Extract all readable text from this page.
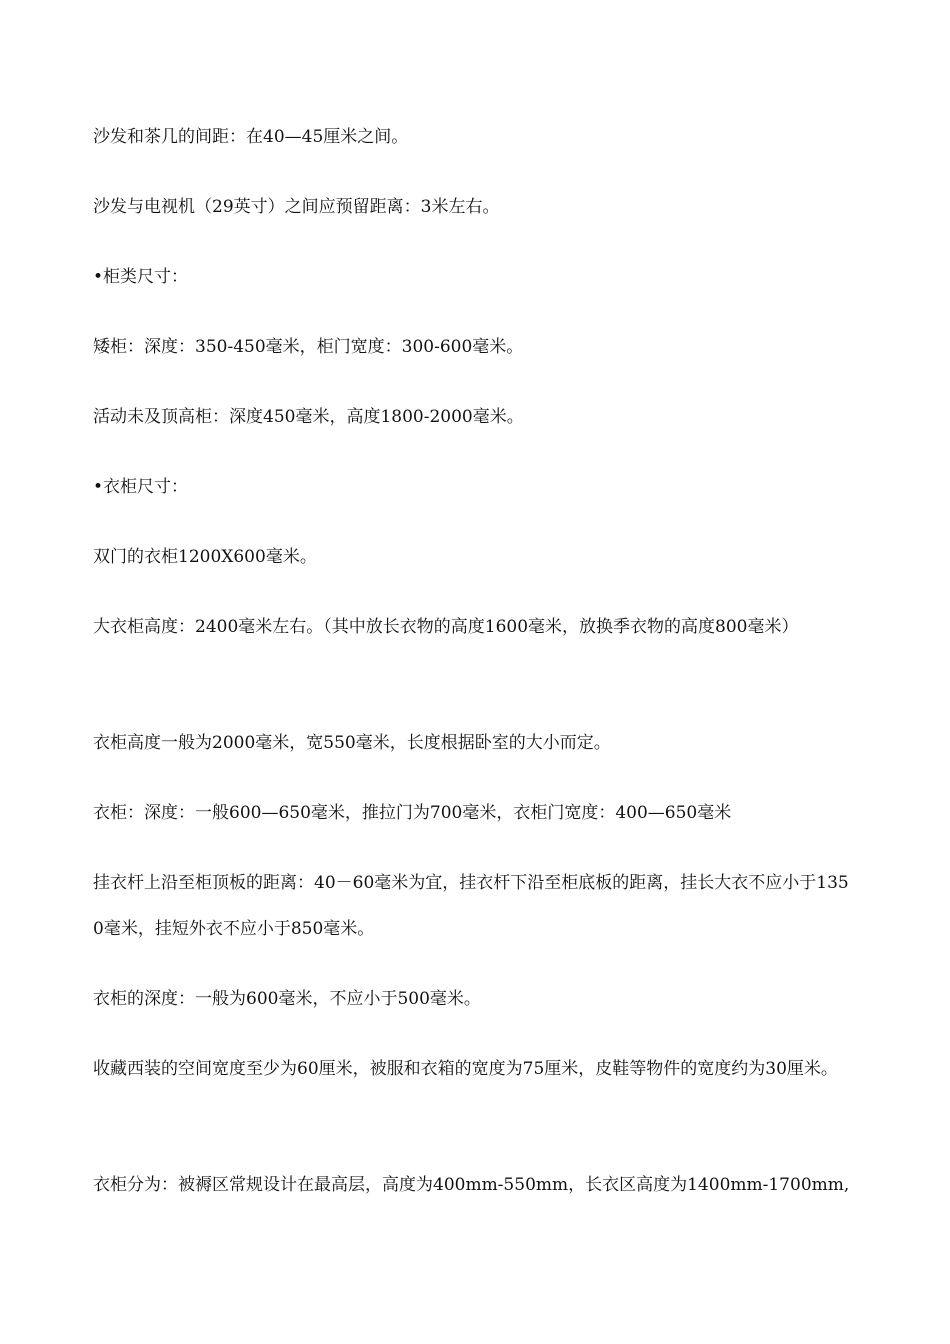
沙发和茶几的间距：在40—45厘米之间。

沙发与电视机（29英寸）之间应预留距离：3米左右。

•柜类尺寸：

矮柜：深度：350-450毫米，柜门宽度：300-600毫米。

活动未及顶高柜：深度450毫米，高度1800-2000毫米。

•衣柜尺寸：

双门的衣柜1200X600毫米。

大衣柜高度：2400毫米左右。（其中放长衣物的高度1600毫米，放换季衣物的高度800毫米）

衣柜高度一般为2000毫米，宽550毫米，长度根据卧室的大小而定。

衣柜：深度：一般600—650毫米，推拉门为700毫米，衣柜门宽度：400—650毫米

挂衣杆上沿至柜顶板的距离：40－60毫米为宜，挂衣杆下沿至柜底板的距离，挂长大衣不应小于1350毫米，挂短外衣不应小于850毫米。

衣柜的深度：一般为600毫米，不应小于500毫米。

收藏西装的空间宽度至少为60厘米，被服和衣箱的宽度为75厘米，皮鞋等物件的宽度约为30厘米。

衣柜分为：被褥区常规设计在最高层，高度为400mm-550mm，长衣区高度为1400mm-1700mm,
